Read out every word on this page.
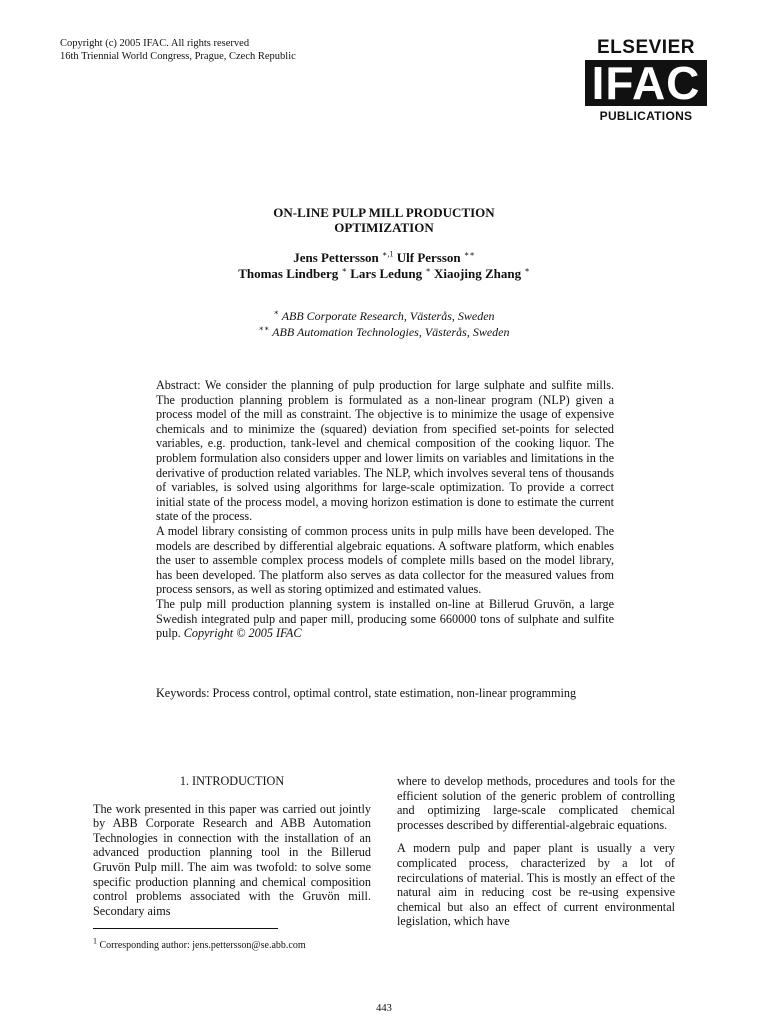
Copyright (c) 2005 IFAC. All rights reserved
16th Triennial World Congress, Prague, Czech Republic	ELSEVIER
IFAC
PUBLICATIONS
ON-LINE PULP MILL PRODUCTION
OPTIMIZATION
Jens Pettersson $^{∗,1}$ Ulf Persson ∗∗
Thomas Lindberg ∗ Lars Ledung ∗ Xiaojing Zhang ∗
∗ ABB Corporate Research, Västerås, Sweden
∗∗ ABB Automation Technologies, Västerås, Sweden

Abstract: We consider the planning of pulp production for large sulphate and sulfite mills. The production planning problem is formulated as a non-linear program (NLP) given a process model of the mill as constraint. The objective is to minimize the usage of expensive chemicals and to minimize the (squared) deviation from specified set-points for selected variables, e.g. production, tank-level and chemical composition of the cooking liquor. The problem formulation also considers upper and lower limits on variables and limitations in the derivative of production related variables. The NLP, which involves several tens of thousands of variables, is solved using algorithms for large-scale optimization. To provide a correct initial state of the process model, a moving horizon estimation is done to estimate the current state of the process.

A model library consisting of common process units in pulp mills have been developed. The models are described by differential algebraic equations. A software platform, which enables the user to assemble complex process models of complete mills based on the model library, has been developed. The platform also serves as data collector for the measured values from process sensors, as well as storing optimized and estimated values.

The pulp mill production planning system is installed on-line at Billerud Gruvön, a large Swedish integrated pulp and paper mill, producing some 660000 tons of sulphate and sulfite pulp. Copyright © 2005 IFAC

Keywords: Process control, optimal control, state estimation, non-linear programming

1. INTRODUCTION

The work presented in this paper was carried out jointly by ABB Corporate Research and ABB Automation Technologies in connection with the installation of an advanced production planning tool in the Billerud Gruvön Pulp mill. The aim was twofold: to solve some specific production planning and chemical composition control problems associated with the Gruvön mill. Secondary aims

where to develop methods, procedures and tools for the efficient solution of the generic problem of controlling and optimizing large-scale complicated chemical processes described by differential-algebraic equations.

A modern pulp and paper plant is usually a very complicated process, characterized by a lot of recirculations of material. This is mostly an effect of the natural aim in reducing cost be re-using expensive chemical but also an effect of current environmental legislation, which have

$^1$ Corresponding author: jens.pettersson@se.abb.com
443
